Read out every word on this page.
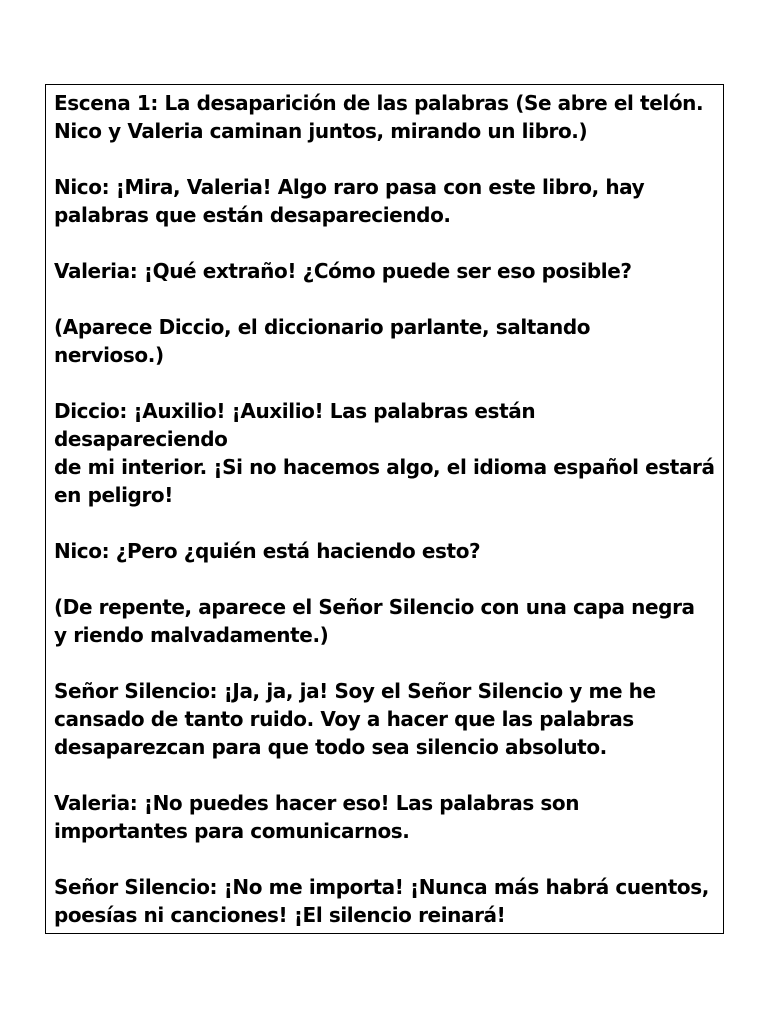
Escena 1: La desaparición de las palabras (Se abre el telón.
Nico y Valeria caminan juntos, mirando un libro.)

Nico: ¡Mira, Valeria! Algo raro pasa con este libro, hay
palabras que están desapareciendo.

Valeria: ¡Qué extraño! ¿Cómo puede ser eso posible?

(Aparece Diccio, el diccionario parlante, saltando
nervioso.)

Diccio: ¡Auxilio! ¡Auxilio! Las palabras están desapareciendo
de mi interior. ¡Si no hacemos algo, el idioma español estará
en peligro!

Nico: ¿Pero ¿quién está haciendo esto?

(De repente, aparece el Señor Silencio con una capa negra
y riendo malvadamente.)

Señor Silencio: ¡Ja, ja, ja! Soy el Señor Silencio y me he
cansado de tanto ruido. Voy a hacer que las palabras
desaparezcan para que todo sea silencio absoluto.

Valeria: ¡No puedes hacer eso! Las palabras son
importantes para comunicarnos.

Señor Silencio: ¡No me importa! ¡Nunca más habrá cuentos,
poesías ni canciones! ¡El silencio reinará!
